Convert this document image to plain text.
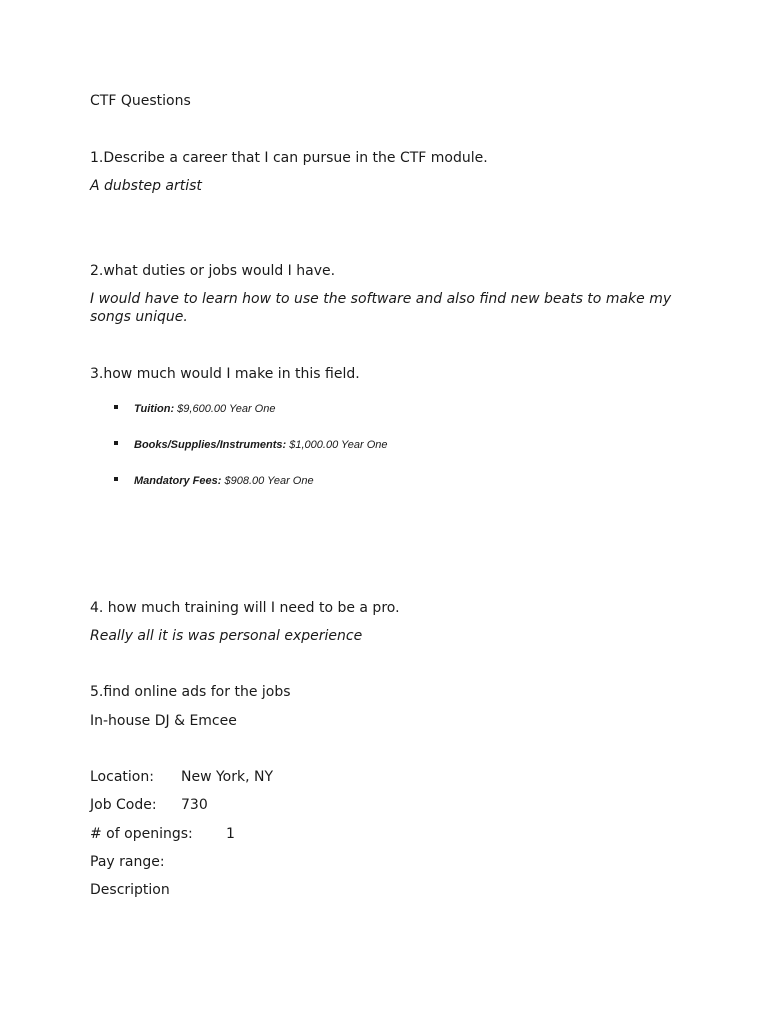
CTF Questions
1.Describe a career that I can pursue in the CTF module.
A dubstep artist
2.what duties or jobs would I have.
I would have to learn how to use the software and also find new beats to make my songs unique.
3.how much would I make in this field.
Tuition: $9,600.00 Year One
Books/Supplies/Instruments: $1,000.00 Year One
Mandatory Fees: $908.00 Year One
4. how much training will I need to be a pro.
Really all it is was personal experience
5.find online ads for the jobs
In-house DJ & Emcee
Location: New York, NY
Job Code: 730
# of openings: 1
Pay range:
Description
